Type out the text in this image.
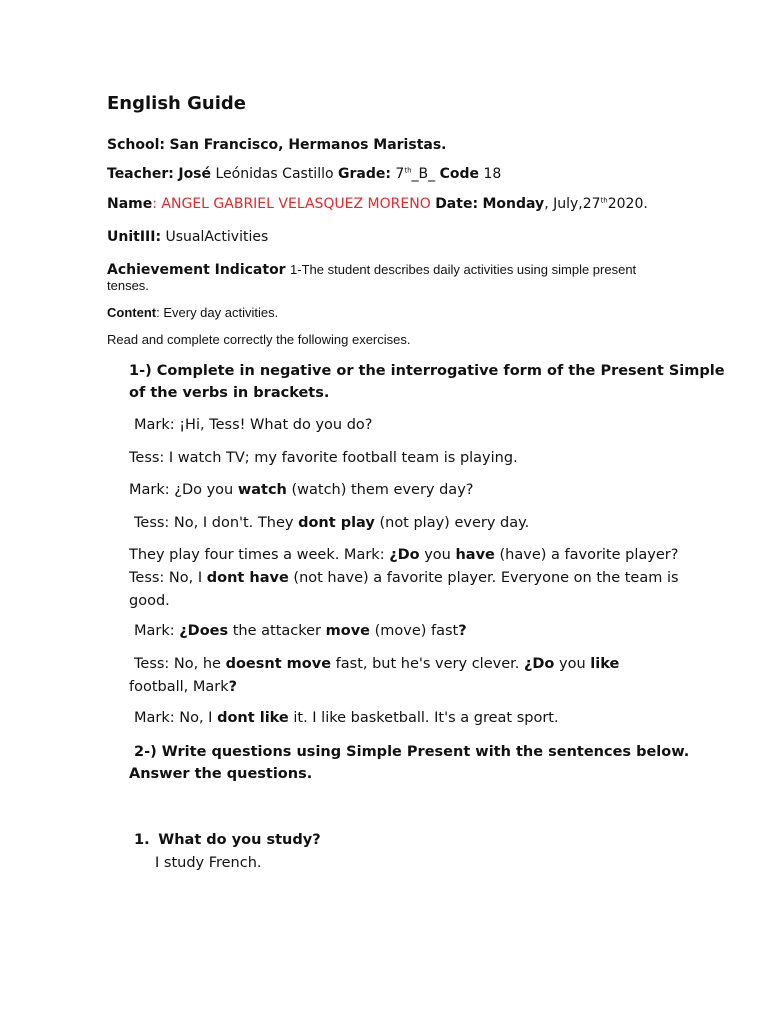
English Guide
School: San Francisco, Hermanos Maristas.
Teacher: José Leónidas Castillo Grade: 7th_B_ Code 18
Name: ANGEL GABRIEL VELASQUEZ MORENO Date: Monday, July,27th2020.
UnitIII: UsualActivities
Achievement Indicator 1-The student describes daily activities using simple present
tenses.
Content: Every day activities.
Read and complete correctly the following exercises.
1-) Complete in negative or the interrogative form of the Present Simple
of the verbs in brackets.
Mark: ¡Hi, Tess! What do you do?
Tess: I watch TV; my favorite football team is playing.
Mark: ¿Do you watch (watch) them every day?
Tess: No, I don't. They dont play (not play) every day.
They play four times a week. Mark: ¿Do you have (have) a favorite player?
Tess: No, I dont have (not have) a favorite player. Everyone on the team is
good.
Mark: ¿Does the attacker move (move) fast?
Tess: No, he doesnt move fast, but he's very clever. ¿Do you like
football, Mark?
Mark: No, I dont like it. I like basketball. It's a great sport.
2-) Write questions using Simple Present with the sentences below.
Answer the questions.
1. What do you study?
I study French.
